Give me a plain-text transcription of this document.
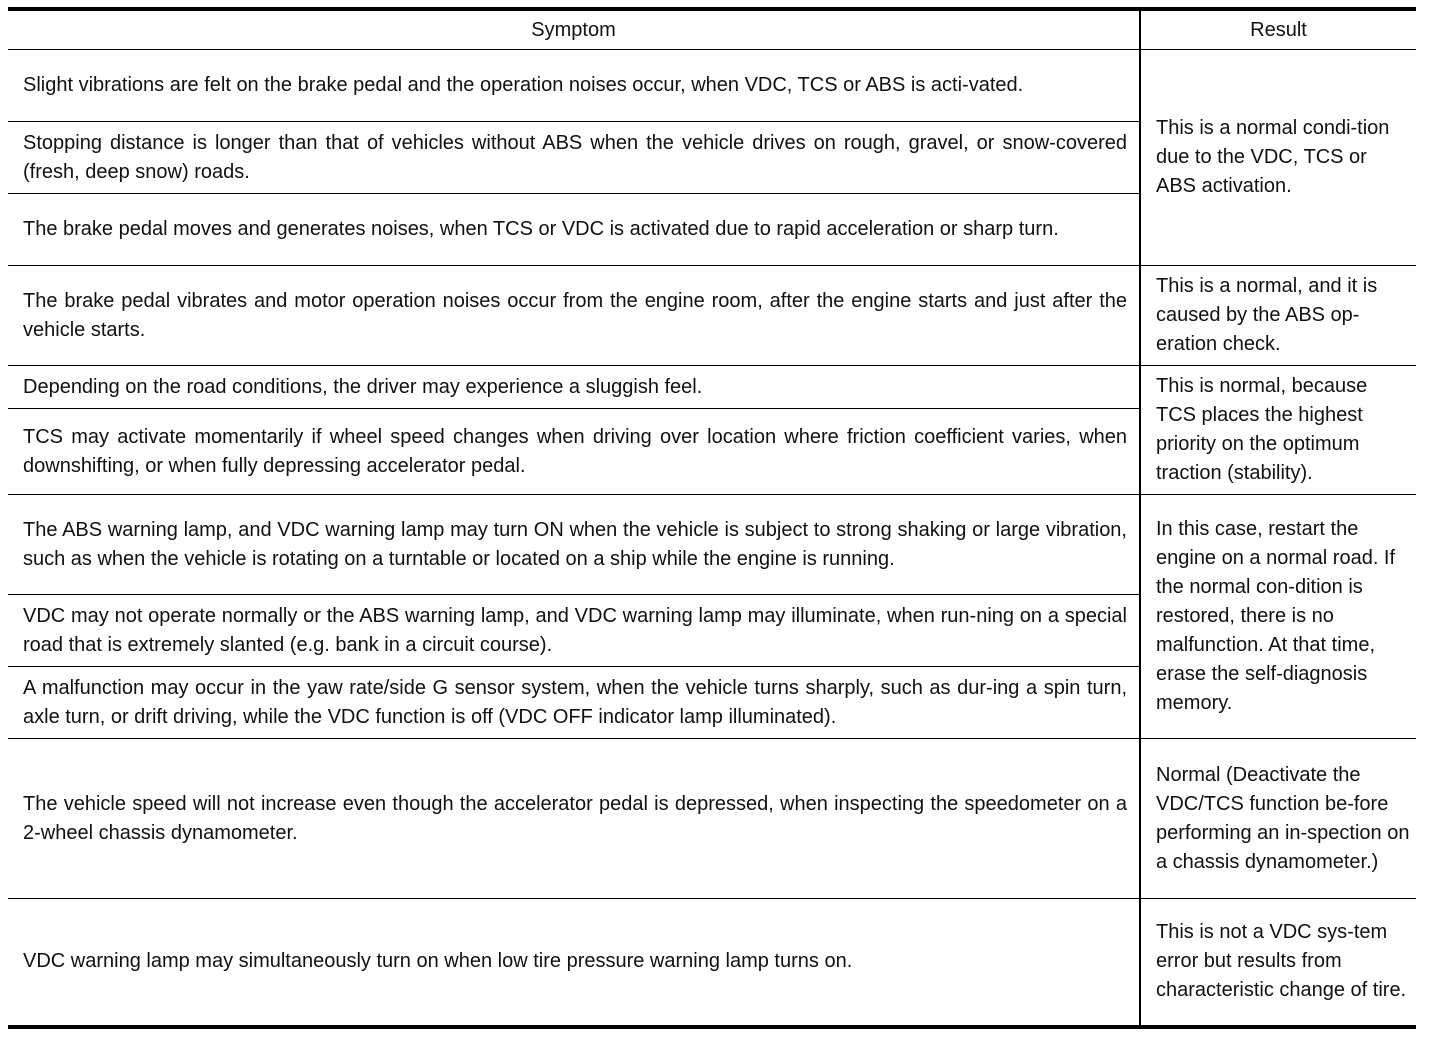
Symptom	Result
Slight vibrations are felt on the brake pedal and the operation noises occur, when VDC, TCS or ABS is acti-vated.	This is a normal condi-tion due to the VDC, TCS or ABS activation.
Stopping distance is longer than that of vehicles without ABS when the vehicle drives on rough, gravel, or snow-covered (fresh, deep snow) roads.	
The brake pedal moves and generates noises, when TCS or VDC is activated due to rapid acceleration or sharp turn.	
The brake pedal vibrates and motor operation noises occur from the engine room, after the engine starts and just after the vehicle starts.	This is a normal, and it is caused by the ABS op-eration check.
Depending on the road conditions, the driver may experience a sluggish feel.	This is normal, because TCS places the highest priority on the optimum traction (stability).
TCS may activate momentarily if wheel speed changes when driving over location where friction coefficient varies, when downshifting, or when fully depressing accelerator pedal.	
The ABS warning lamp, and VDC warning lamp may turn ON when the vehicle is subject to strong shaking or large vibration, such as when the vehicle is rotating on a turntable or located on a ship while the engine is running.	In this case, restart the engine on a normal road. If the normal con-dition is restored, there is no malfunction. At that time, erase the self-diagnosis memory.
VDC may not operate normally or the ABS warning lamp, and VDC warning lamp may illuminate, when run-ning on a special road that is extremely slanted (e.g. bank in a circuit course).	
A malfunction may occur in the yaw rate/side G sensor system, when the vehicle turns sharply, such as dur-ing a spin turn, axle turn, or drift driving, while the VDC function is off (VDC OFF indicator lamp illuminated).	
The vehicle speed will not increase even though the accelerator pedal is depressed, when inspecting the speedometer on a 2-wheel chassis dynamometer.	Normal (Deactivate the VDC/TCS function be-fore performing an in-spection on a chassis dynamometer.)
VDC warning lamp may simultaneously turn on when low tire pressure warning lamp turns on.	This is not a VDC sys-tem error but results from characteristic change of tire.
